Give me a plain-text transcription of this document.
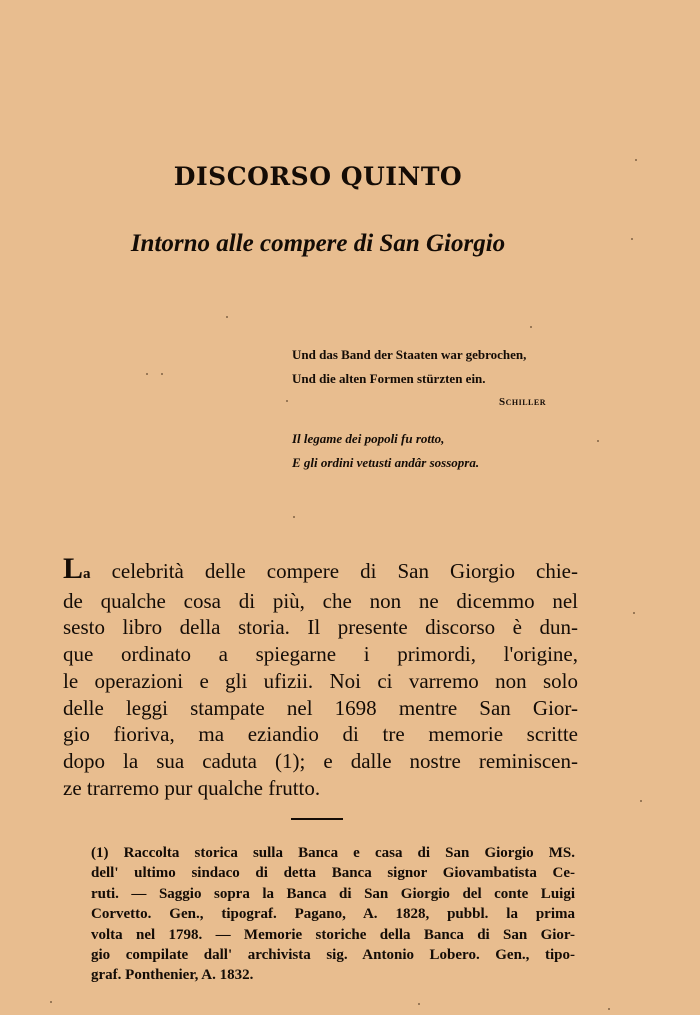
DISCORSO QUINTO
Intorno alle compere di San Giorgio
Und das Band der Staaten war gebrochen,
Und die alten Formen stürzten ein.
Schiller
Il legame dei popoli fu rotto,
E gli ordini vetusti andâr sossopra.
La celebrità delle compere di San Giorgio chie-
de qualche cosa di più, che non ne dicemmo nel
sesto libro della storia. Il presente discorso è dun-
que ordinato a spiegarne i primordi, l'origine,
le operazioni e gli ufizii. Noi ci varremo non solo
delle leggi stampate nel 1698 mentre San Gior-
gio fioriva, ma eziandio di tre memorie scritte
dopo la sua caduta (1); e dalle nostre reminiscen-
ze trarremo pur qualche frutto.
(1) Raccolta storica sulla Banca e casa di San Giorgio MS.
dell' ultimo sindaco di detta Banca signor Giovambatista Ce-
ruti. — Saggio sopra la Banca di San Giorgio del conte Luigi
Corvetto. Gen., tipograf. Pagano, A. 1828, pubbl. la prima
volta nel 1798. — Memorie storiche della Banca di San Gior-
gio compilate dall' archivista sig. Antonio Lobero. Gen., tipo-
graf. Ponthenier, A. 1832.
